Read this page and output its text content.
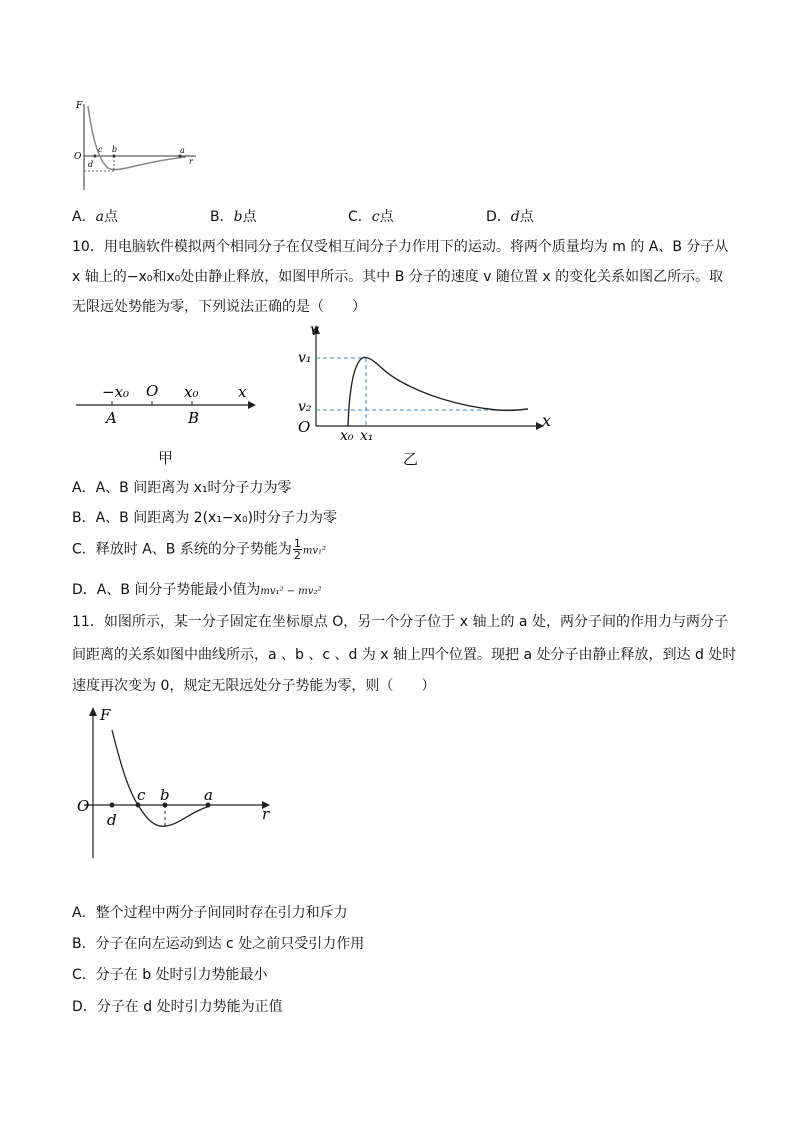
F
O
c b	a
d	r
A．a点	B．b点	C．c点	D．d点
10．用电脑软件模拟两个相同分子在仅受相互间分子力作用下的运动。将两个质量均为 m 的 A、B 分子从
x 轴上的−x₀和x₀处由静止释放，如图甲所示。其中 B 分子的速度 v 随位置 x 的变化关系如图乙所示。取
无限远处势能为零，下列说法正确的是（　　）
−x₀ O x₀	x
A	B
甲
v
v₁
v₂
O x₀ x₁
x
乙
A．A、B 间距离为 x₁时分子力为零
B．A、B 间距离为 2(x₁−x₀)时分子力为零
C．释放时 A、B 系统的分子势能为 $\frac{1}{2} mv_1^2$
D．A、B 间分子势能最小值为mv₁² − mv₂²
11．如图所示，某一分子固定在坐标原点 O，另一个分子位于 x 轴上的 a 处，两分子间的作用力与两分子
间距离的关系如图中曲线所示，a 、b 、c 、d 为 x 轴上四个位置。现把 a 处分子由静止释放，到达 d 处时
速度再次变为 0，规定无限远处分子势能为零，则（　　）
F
O
c b a
d	r
A．整个过程中两分子间同时存在引力和斥力
B．分子在向左运动到达 c 处之前只受引力作用
C．分子在 b 处时引力势能最小
D．分子在 d 处时引力势能为正值
